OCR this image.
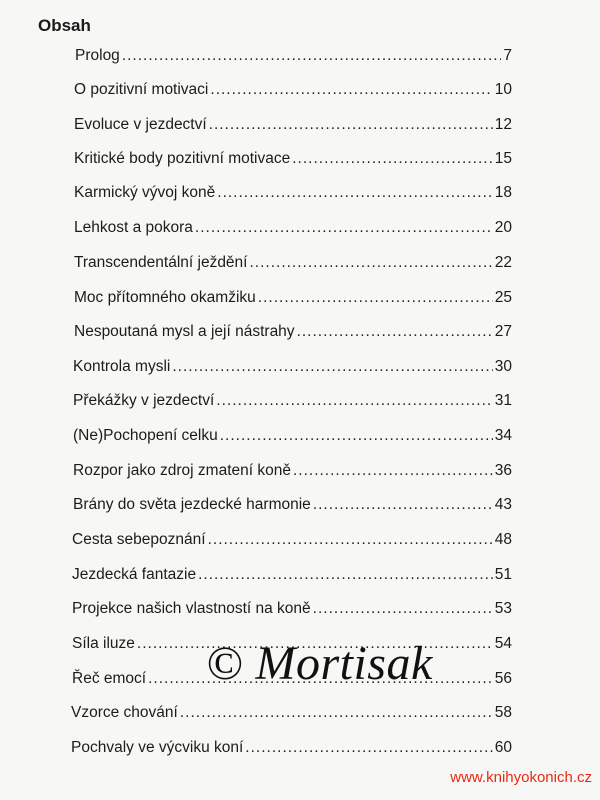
Obsah
Prolog .....	7
O pozitivní motivaci .....	10
Evoluce v jezdectví .....	12
Kritické body pozitivní motivace .....	15
Karmický vývoj koně .....	18
Lehkost a pokora .....	20
Transcendentální ježdění .....	22
Moc přítomného okamžiku .....	25
Nespoutaná mysl a její nástrahy .....	27
Kontrola mysli .....	30
Překážky v jezdectví .....	31
(Ne)Pochopení celku .....	34
Rozpor jako zdroj zmatení koně .....	36
Brány do světa jezdecké harmonie .....	43
Cesta sebepoznání .....	48
Jezdecká fantazie .....	51
Projekce našich vlastností na koně .....	53
Síla iluze .....	54
Řeč emocí .....	56
Vzorce chování .....	58
Pochvaly ve výcviku koní .....	60
© Mortisak
www.knihyokonich.cz
